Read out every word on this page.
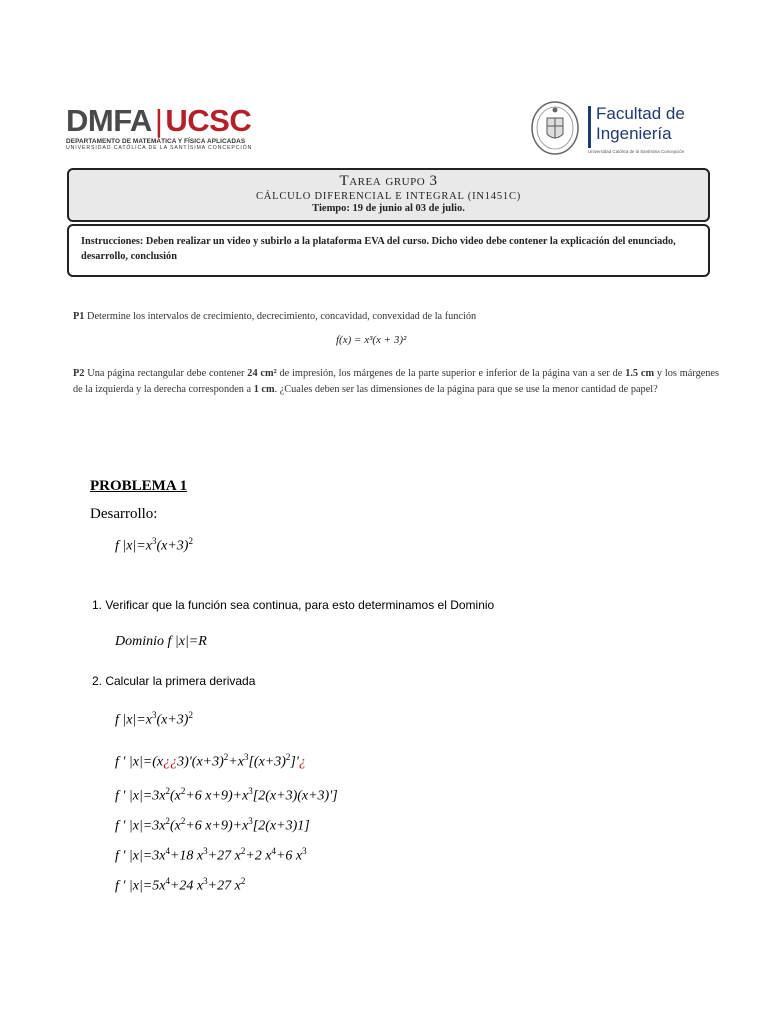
DMFA|UCSC
DEPARTAMENTO DE MATEMÁTICA Y FÍSICA APLICADAS
UNIVERSIDAD CATÓLICA DE LA SANTÍSIMA CONCEPCIÓN
Facultad de
Ingeniería
Universidad Católica de la Santísima Concepción
Tarea grupo 3
CÁLCULO DIFERENCIAL E INTEGRAL (IN1451C)
Tiempo: 19 de junio al 03 de julio.
Instrucciones: Deben realizar un video y subirlo a la plataforma EVA del curso. Dicho video debe contener la explicación del enunciado, desarrollo, conclusión
P1 Determine los intervalos de crecimiento, decrecimiento, concavidad, convexidad de la función
f(x) = x³(x + 3)²
P2 Una página rectangular debe contener 24 cm² de impresión, los márgenes de la parte superior e inferior de la página van a ser de 1.5 cm y los márgenes de la izquierda y la derecha corresponden a 1 cm. ¿Cuales deben ser las dimensiones de la página para que se use la menor cantidad de papel?
PROBLEMA 1
Desarrollo:
f $|x|=x^3(x+3)^2$
1. Verificar que la función sea continua, para esto determinamos el Dominio
Dominio f |x|=R
2. Calcular la primera derivada
f $|x|=x^3(x+3)^2$
f ' $|x|=(x¿¿3)'(x+3)^2+x^3[(x+3)^2]'¿$
f ' $|x|=3x^2(x^2+6$ $x+9)+x^3[2(x+3)(x+3)']$
f ' $|x|=3x^2(x^2+6$ $x+9)+x^3[2(x+3)1]$
f ' $|x|=3x^4+18$ $x^3+27$ $x^2+2$ $x^4+6$ $x^3$
f ' $|x|=5x^4+24$ $x^3+27$ $x^2$
